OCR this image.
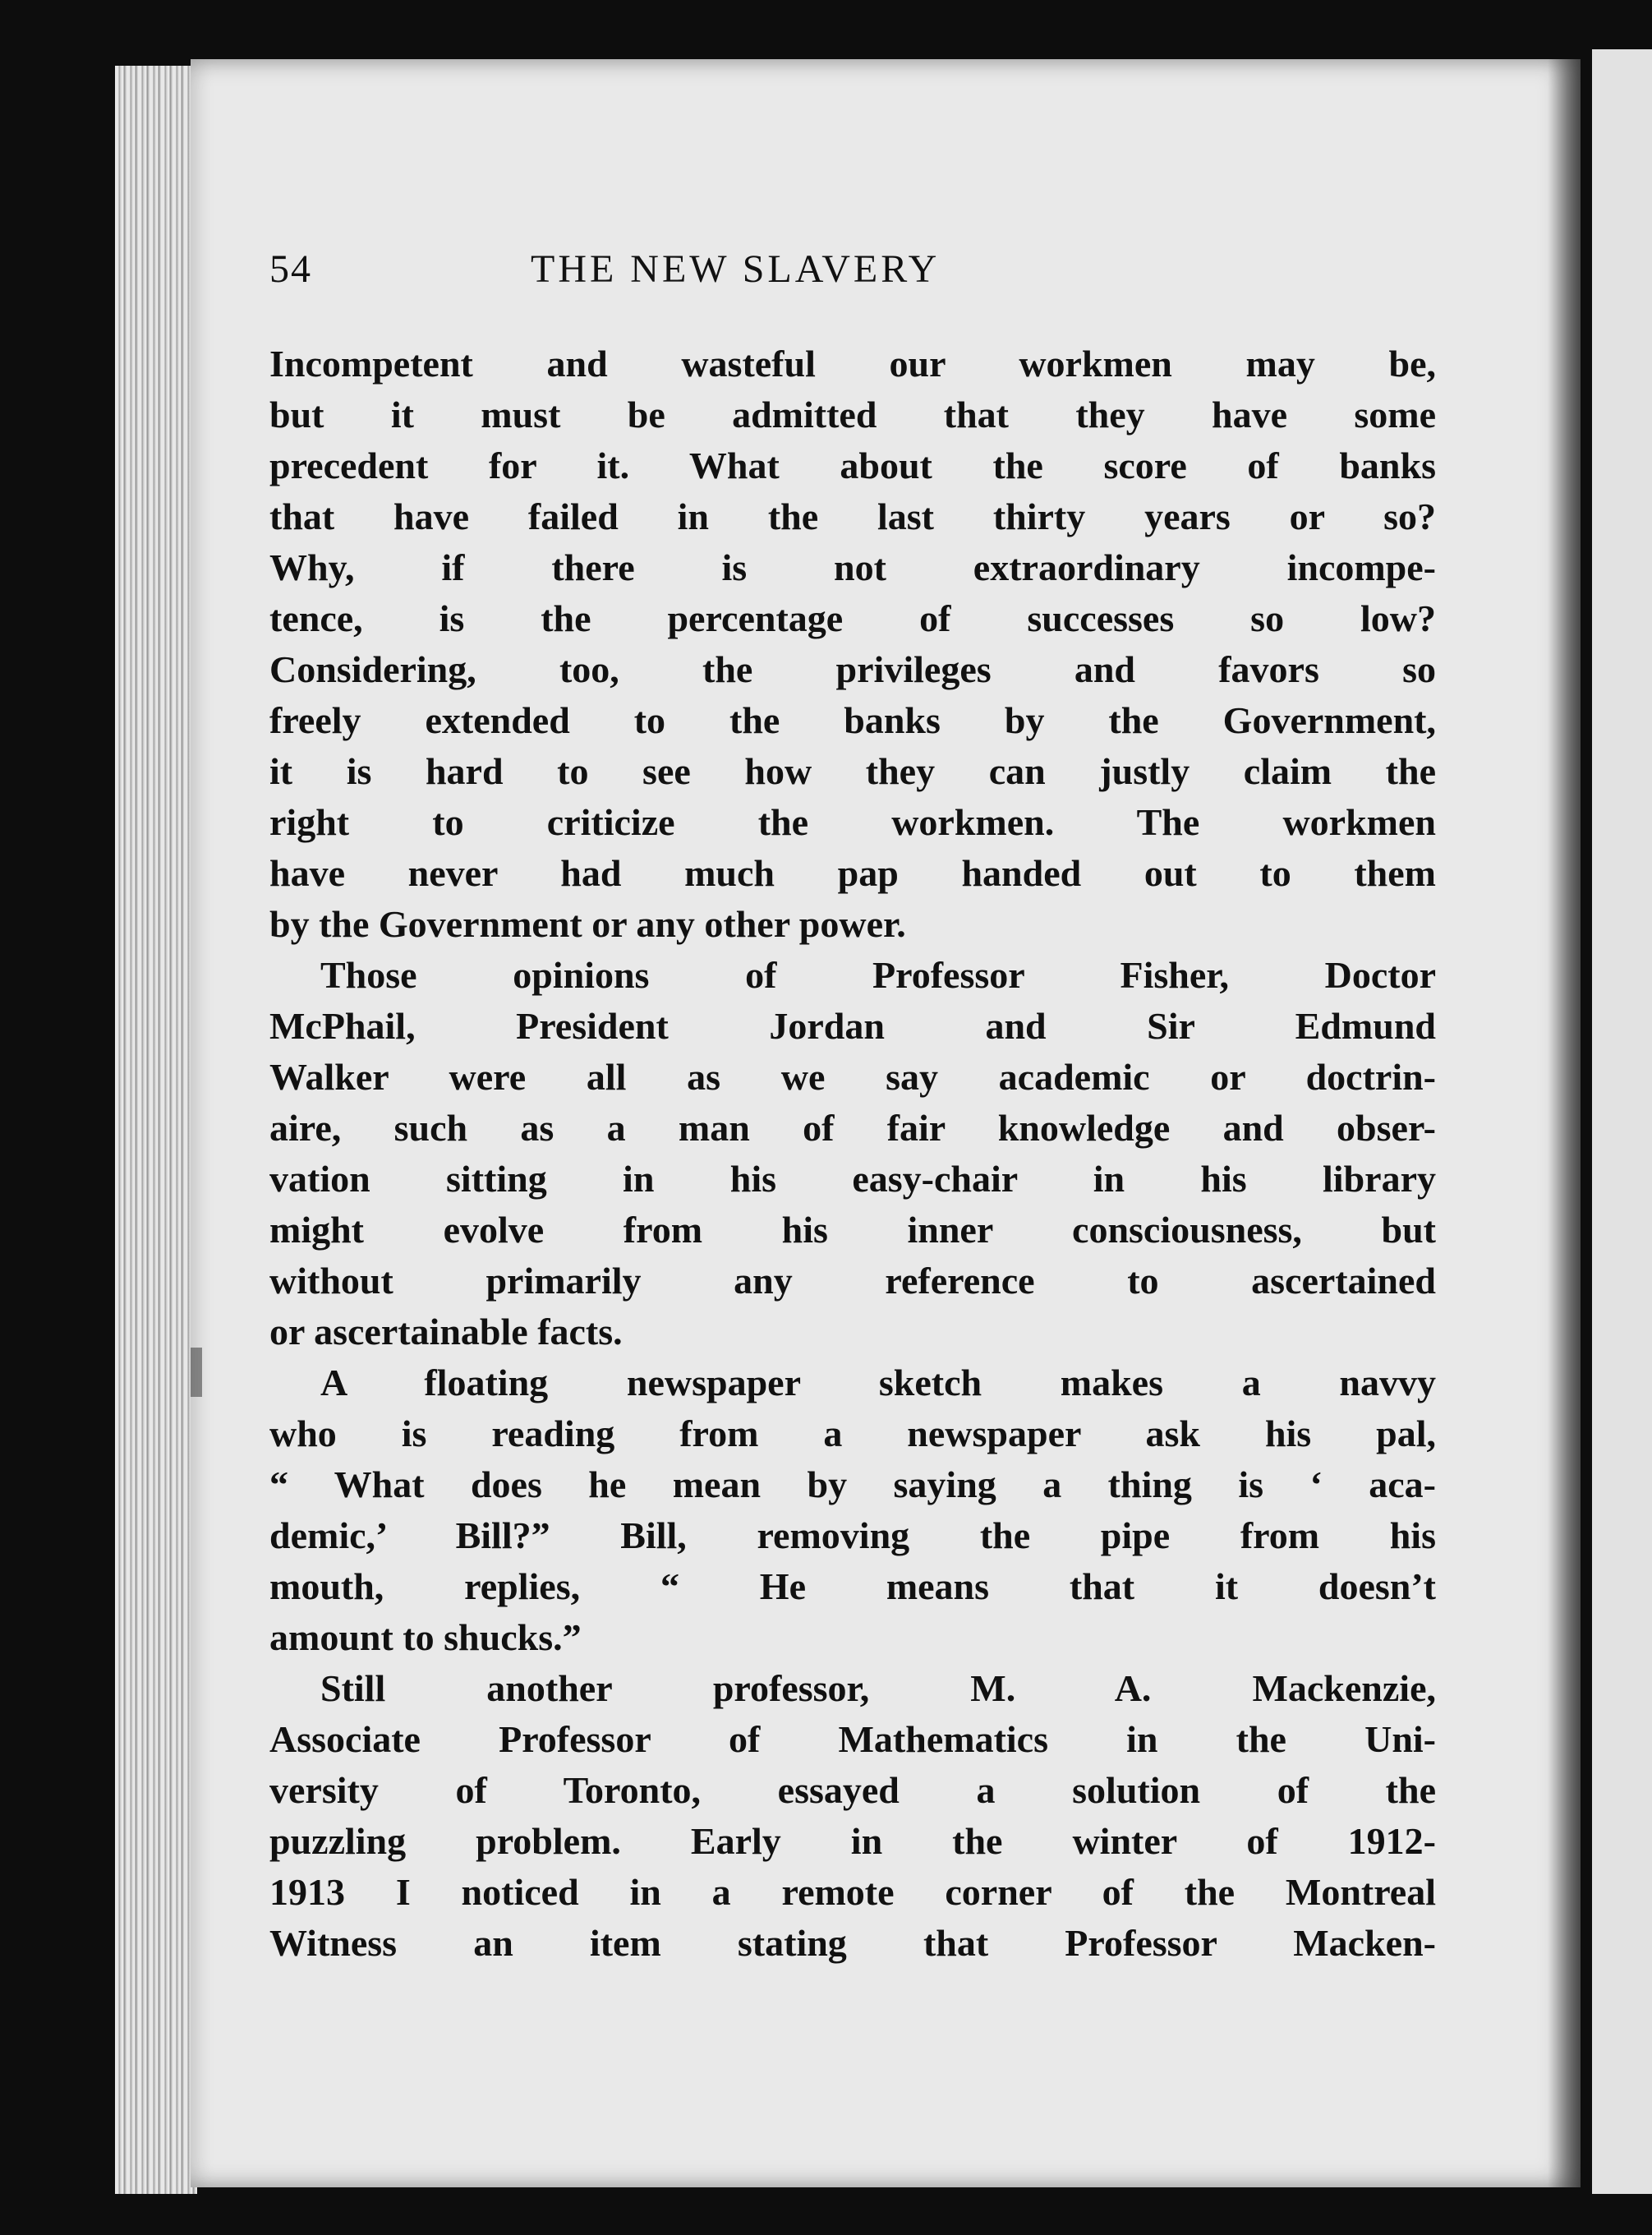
54	THE NEW SLAVERY
Incompetent and wasteful our workmen may be,
but it must be admitted that they have some
precedent for it. What about the score of banks
that have failed in the last thirty years or so?
Why, if there is not extraordinary incompe-
tence, is the percentage of successes so low?
Considering, too, the privileges and favors so
freely extended to the banks by the Government,
it is hard to see how they can justly claim the
right to criticize the workmen. The workmen
have never had much pap handed out to them
by the Government or any other power.
Those opinions of Professor Fisher, Doctor
McPhail, President Jordan and Sir Edmund
Walker were all as we say academic or doctrin-
aire, such as a man of fair knowledge and obser-
vation sitting in his easy-chair in his library
might evolve from his inner consciousness, but
without primarily any reference to ascertained
or ascertainable facts.
A floating newspaper sketch makes a navvy
who is reading from a newspaper ask his pal,
“ What does he mean by saying a thing is ‘ aca-
demic,’ Bill?” Bill, removing the pipe from his
mouth, replies, “ He means that it doesn’t
amount to shucks.”
Still another professor, M. A. Mackenzie,
Associate Professor of Mathematics in the Uni-
versity of Toronto, essayed a solution of the
puzzling problem. Early in the winter of 1912-
1913 I noticed in a remote corner of the Montreal
Witness an item stating that Professor Macken-
